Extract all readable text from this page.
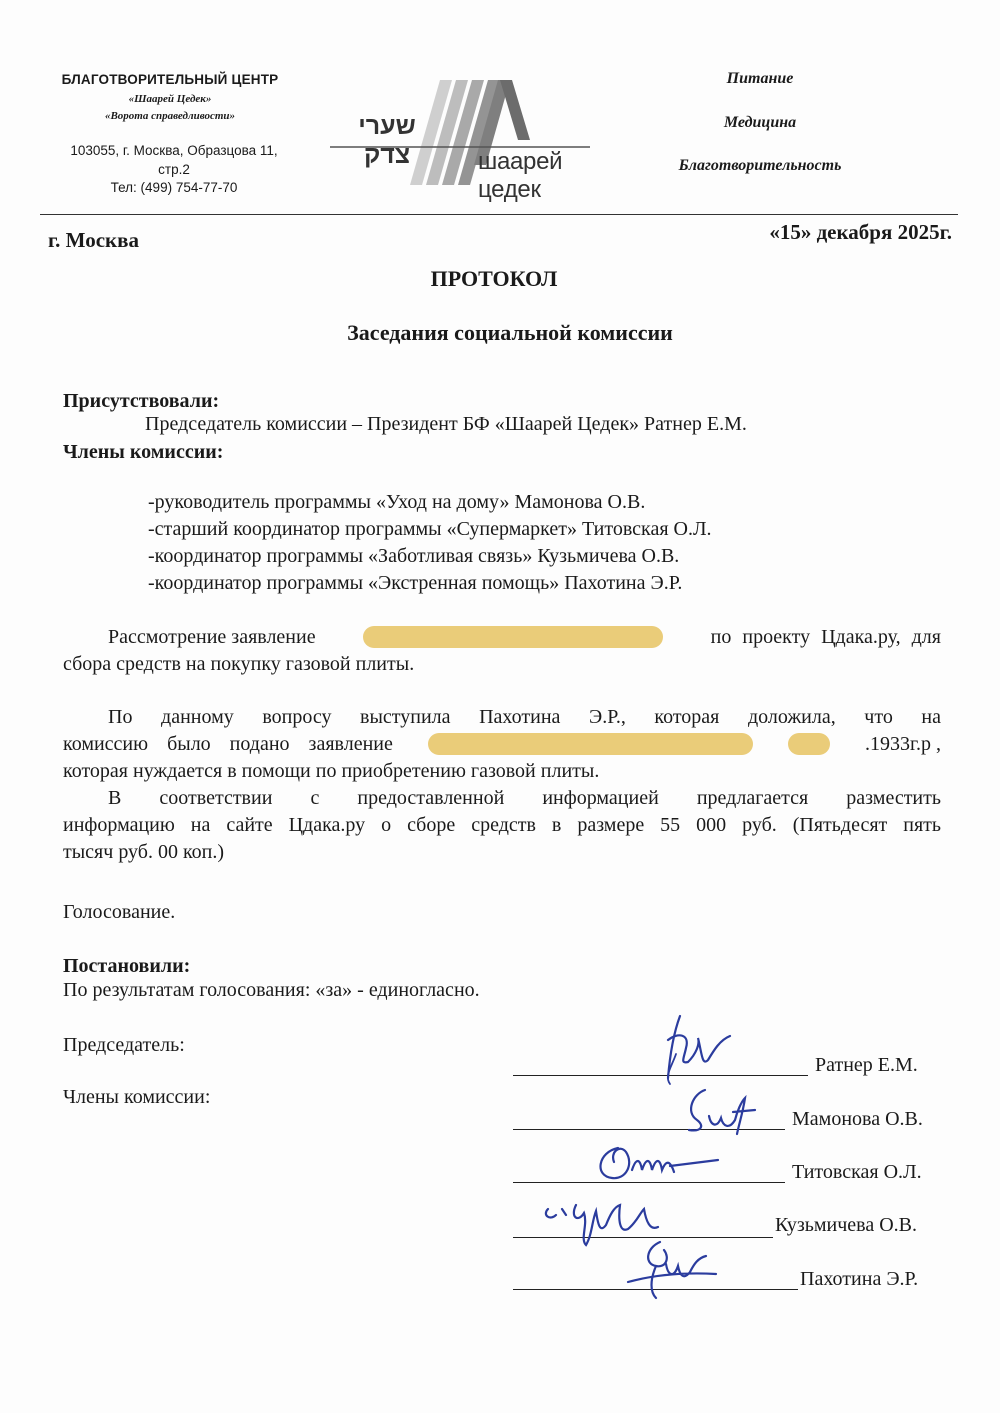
БЛАГОТВОРИТЕЛЬНЫЙ ЦЕНТР
«Шаарей Цедек»
«Ворота справедливости»
103055, г. Москва, Образцова 11,
стр.2
Тел: (499) 754-77-70
שערי צדק	шаарей цедек
Питание
Медицина
Благотворительность
г. Москва	«15» декабря 2025г.
ПРОТОКОЛ
Заседания социальной комиссии
Присутствовали:
Председатель комиссии – Президент БФ «Шаарей Цедек» Ратнер Е.М.
Члены комиссии:
-руководитель программы «Уход на дому» Мамонова О.В.
-старший координатор программы «Супермаркет» Титовская О.Л.
-координатор программы «Заботливая связь» Кузьмичева О.В.
-координатор программы «Экстренная помощь» Пахотина Э.Р.
Рассмотрение заявление	по проекту Цдака.ру, для
сбора средств на покупку газовой плиты.
По данному вопросу выступила Пахотина Э.Р., которая доложила, что на
комиссию было подано заявление	.1933г.р ,
которая нуждается в помощи по приобретению газовой плиты.
В соответствии с предоставленной информацией предлагается разместить
информацию на сайте Цдака.ру о сборе средств в размере 55 000 руб. (Пятьдесят пять
тысяч руб. 00 коп.)
Голосование.
Постановили:
По результатам голосования: «за» - единогласно.
Председатель:
Члены комиссии:
Ратнер Е.М.
Мамонова О.В.
Титовская О.Л.
Кузьмичева О.В.
Пахотина Э.Р.
